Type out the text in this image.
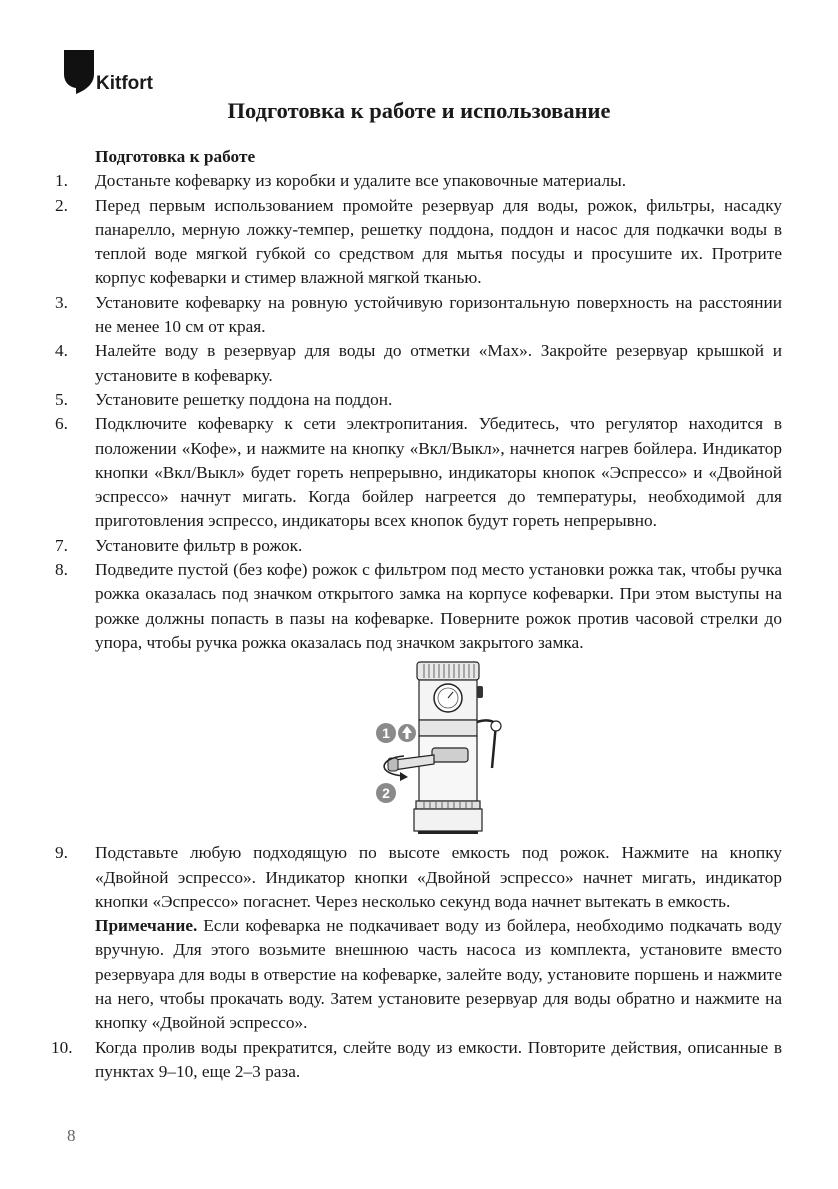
Kitfort
Подготовка к работе и использование

Подготовка к работе

1.	Достаньте кофеварку из коробки и удалите все упаковочные материалы.
2.	Перед первым использованием промойте резервуар для воды, рожок, фильтры, насадку панарелло, мерную ложку-темпер, решетку поддона, поддон и насос для подкачки воды в теплой воде мягкой губкой со средством для мытья посуды и просушите их. Протрите корпус кофеварки и стимер влажной мягкой тканью.
3.	Установите кофеварку на ровную устойчивую горизонтальную поверхность на расстоянии не менее 10 см от края.
4.	Налейте воду в резервуар для воды до отметки «Max». Закройте резервуар крышкой и установите в кофеварку.
5.	Установите решетку поддона на поддон.
6.	Подключите кофеварку к сети электропитания. Убедитесь, что регулятор находится в положении «Кофе», и нажмите на кнопку «Вкл/Выкл», начнется нагрев бойлера. Индикатор кнопки «Вкл/Выкл» будет гореть непрерывно, индикаторы кнопок «Эспрессо» и «Двойной эспрессо» начнут мигать. Когда бойлер нагреется до температуры, необходимой для приготовления эспрессо, индикаторы всех кнопок будут гореть непрерывно.
7.	Установите фильтр в рожок.
8.	Подведите пустой (без кофе) рожок с фильтром под место установки рожка так, чтобы ручка рожка оказалась под значком открытого замка на корпусе кофеварки. При этом выступы на рожке должны попасть в пазы на кофеварке. Поверните рожок против часовой стрелки до упора, чтобы ручка рожка оказалась под значком закрытого замка.
1
2
9.	Подставьте любую подходящую по высоте емкость под рожок. Нажмите на кнопку «Двойной эспрессо». Индикатор кнопки «Двойной эспрессо» начнет мигать, индикатор кнопки «Эспрессо» погаснет. Через несколько секунд вода начнет вытекать в емкость.

Примечание. Если кофеварка не подкачивает воду из бойлера, необходимо подкачать воду вручную. Для этого возьмите внешнюю часть насоса из комплекта, установите вместо резервуара для воды в отверстие на кофеварке, залейте воду, установите поршень и нажмите на него, чтобы прокачать воду. Затем установите резервуар для воды обратно и нажмите на кнопку «Двойной эспрессо».

10.	Когда пролив воды прекратится, слейте воду из емкости. Повторите действия, описанные в пунктах 9–10, еще 2–3 раза.
8
